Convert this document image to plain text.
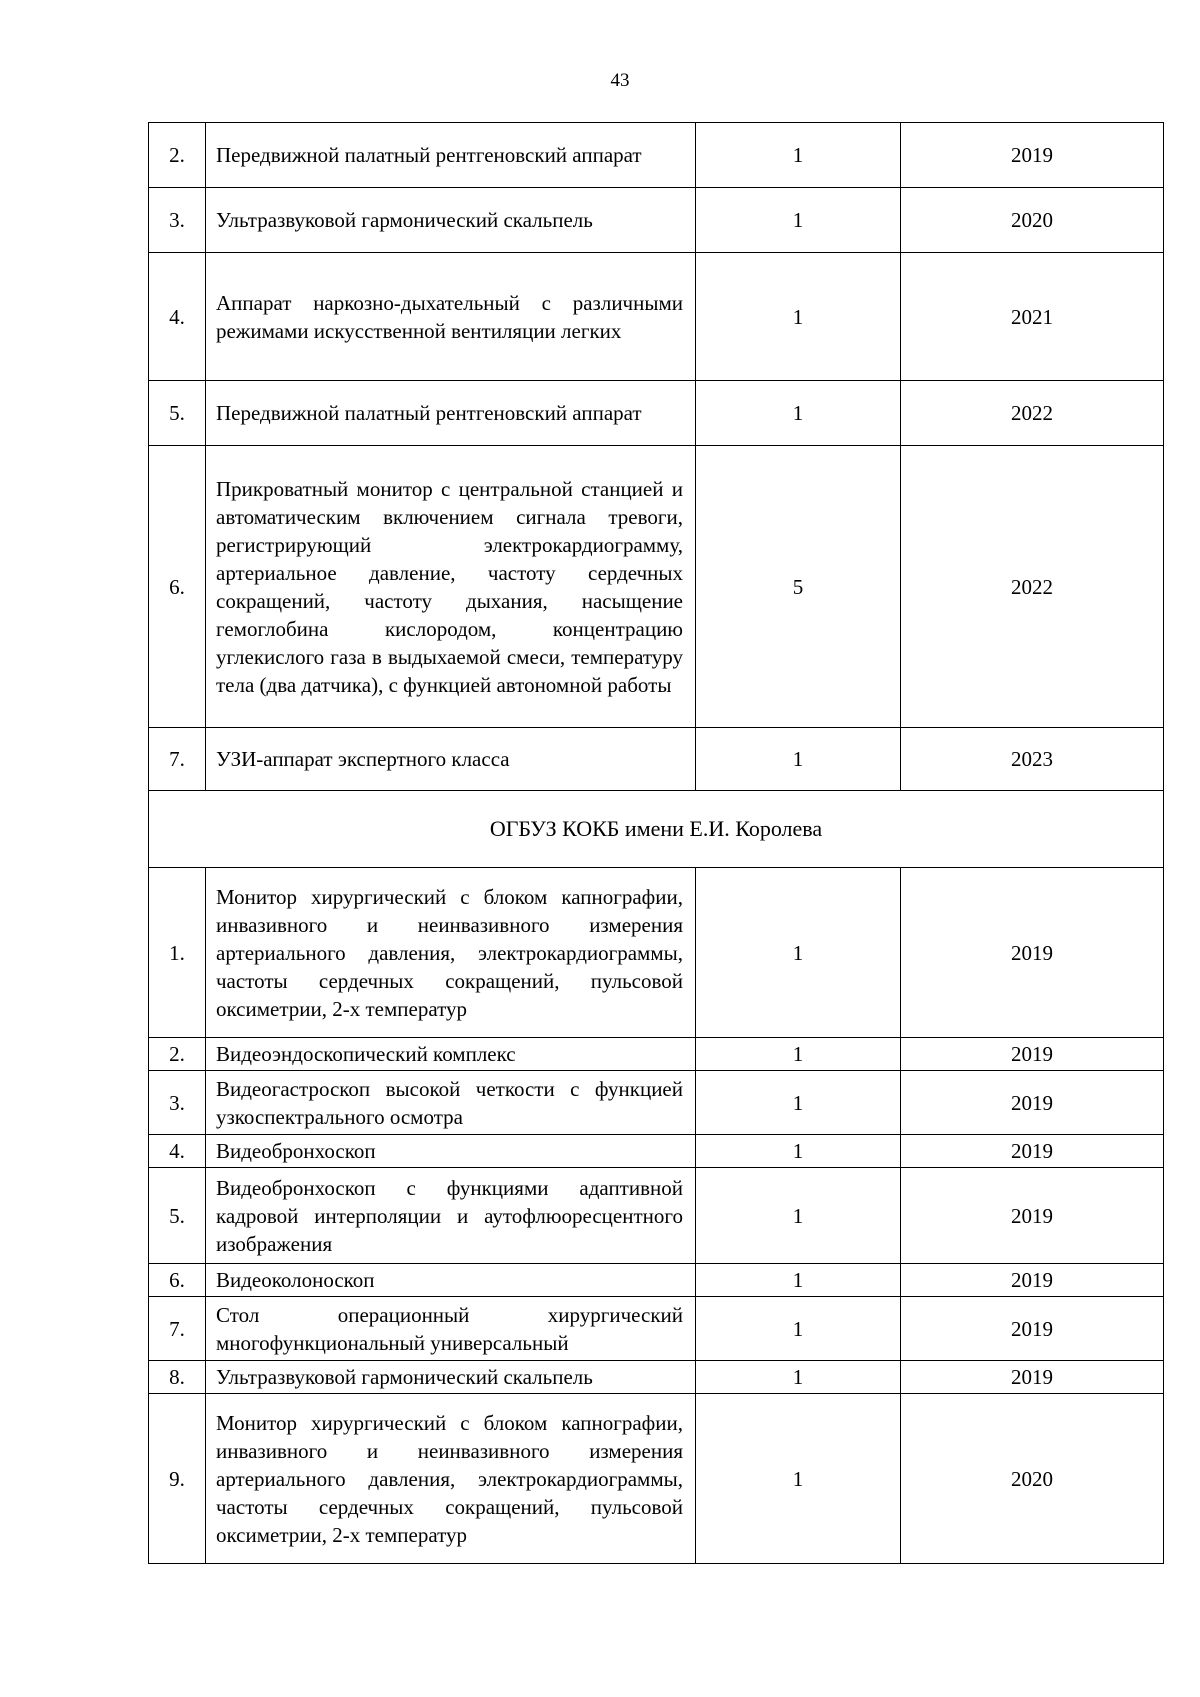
43
2.	Передвижной палатный рентгеновский аппарат	1	2019
3.	Ультразвуковой гармонический скальпель	1	2020
4.	Аппарат наркозно-дыхательный с различными режимами искусственной вентиляции легких	1	2021
5.	Передвижной палатный рентгеновский аппарат	1	2022
6.	Прикроватный монитор с центральной станцией и автоматическим включением сигнала тревоги, регистрирующий электрокардиограмму, артериальное давление, частоту сердечных сокращений, частоту дыхания, насыщение гемоглобина кислородом, концентрацию углекислого газа в выдыхаемой смеси, температуру тела (два датчика), с функцией автономной работы	5	2022
7.	УЗИ-аппарат экспертного класса	1	2023
ОГБУЗ КОКБ имени Е.И. Королева			
1.	Монитор хирургический с блоком капнографии, инвазивного и неинвазивного измерения артериального давления, электрокардиограммы, частоты сердечных сокращений, пульсовой оксиметрии, 2-х температур	1	2019
2.	Видеоэндоскопический комплекс	1	2019
3.	Видеогастроскоп высокой четкости с функцией узкоспектрального осмотра	1	2019
4.	Видеобронхоскоп	1	2019
5.	Видеобронхоскоп с функциями адаптивной кадровой интерполяции и аутофлюоресцентного изображения	1	2019
6.	Видеоколоноскоп	1	2019
7.	Стол операционный хирургический многофункциональный универсальный	1	2019
8.	Ультразвуковой гармонический скальпель	1	2019
9.	Монитор хирургический с блоком капнографии, инвазивного и неинвазивного измерения артериального давления, электрокардиограммы, частоты сердечных сокращений, пульсовой оксиметрии, 2-х температур	1	2020
